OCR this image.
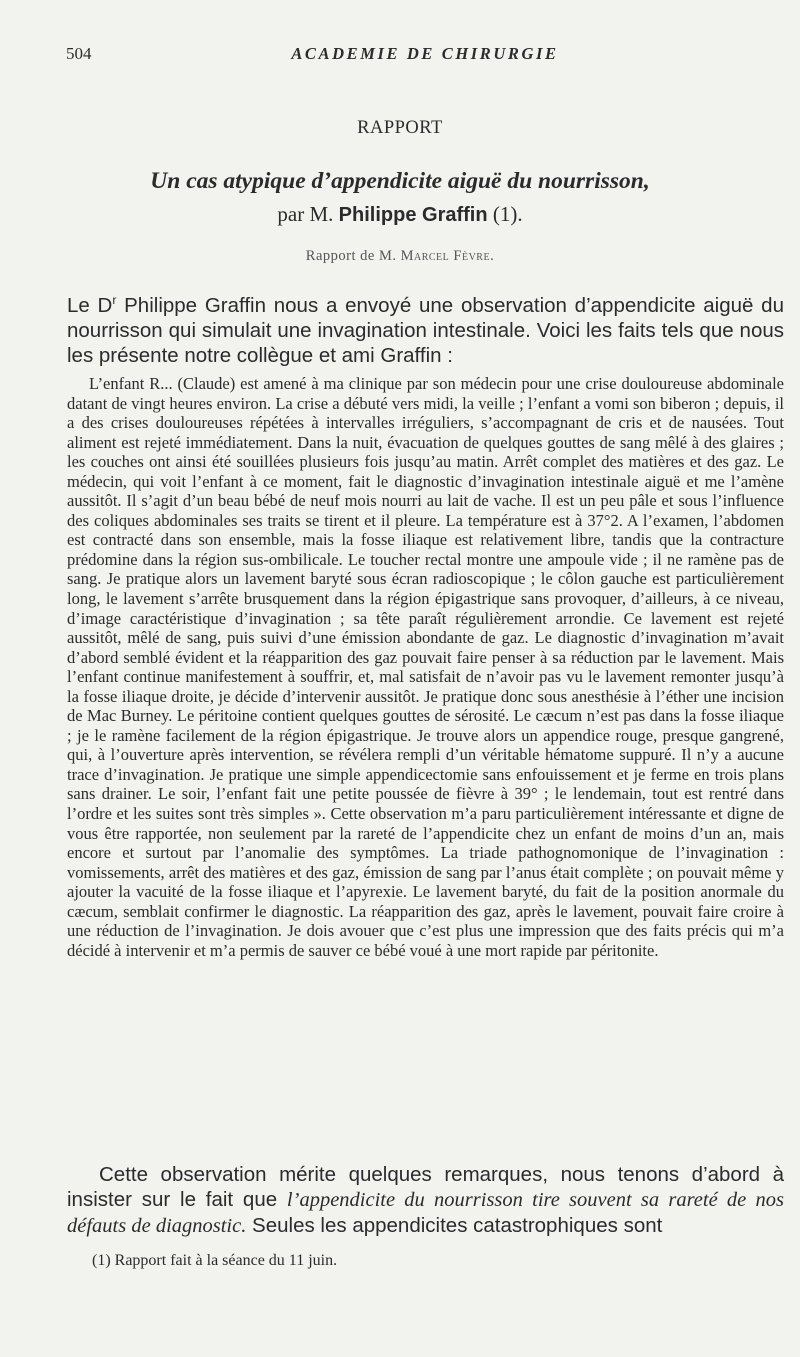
504	ACADEMIE DE CHIRURGIE
RAPPORT
Un cas atypique d’appendicite aiguë du nourrisson,
par M. Philippe Graffin (1).
Rapport de M. Marcel Fèvre.

Le $D^r$ Philippe Graffin nous a envoyé une observation d’appendicite aiguë du nourrisson qui simulait une invagination intestinale. Voici les faits tels que nous les présente notre collègue et ami Graffin :

L’enfant R... (Claude) est amené à ma clinique par son médecin pour une crise douloureuse abdominale datant de vingt heures environ. La crise a débuté vers midi, la veille ; l’enfant a vomi son biberon ; depuis, il a des crises douloureuses répétées à intervalles irréguliers, s’accompagnant de cris et de nausées. Tout aliment est rejeté immédiatement. Dans la nuit, évacuation de quelques gouttes de sang mêlé à des glaires ; les couches ont ainsi été souillées plusieurs fois jusqu’au matin. Arrêt complet des matières et des gaz. Le médecin, qui voit l’enfant à ce moment, fait le diagnostic d’invagination intestinale aiguë et me l’amène aussitôt. Il s’agit d’un beau bébé de neuf mois nourri au lait de vache. Il est un peu pâle et sous l’influence des coliques abdominales ses traits se tirent et il pleure. La température est à 37°2. A l’examen, l’abdomen est contracté dans son ensemble, mais la fosse iliaque est relativement libre, tandis que la contracture prédomine dans la région sus-ombilicale. Le toucher rectal montre une ampoule vide ; il ne ramène pas de sang. Je pratique alors un lavement baryté sous écran radioscopique ; le côlon gauche est particulièrement long, le lavement s’arrête brusquement dans la région épigastrique sans provoquer, d’ailleurs, à ce niveau, d’image caractéristique d’invagination ; sa tête paraît régulièrement arrondie. Ce lavement est rejeté aussitôt, mêlé de sang, puis suivi d’une émission abondante de gaz. Le diagnostic d’invagination m’avait d’abord semblé évident et la réapparition des gaz pouvait faire penser à sa réduction par le lavement. Mais l’enfant continue manifestement à souffrir, et, mal satisfait de n’avoir pas vu le lavement remonter jusqu’à la fosse iliaque droite, je décide d’intervenir aussitôt. Je pratique donc sous anesthésie à l’éther une incision de Mac Burney. Le péritoine contient quelques gouttes de sérosité. Le cæcum n’est pas dans la fosse iliaque ; je le ramène facilement de la région épigastrique. Je trouve alors un appendice rouge, presque gangrené, qui, à l’ouverture après intervention, se révélera rempli d’un véritable hématome suppuré. Il n’y a aucune trace d’invagination. Je pratique une simple appendicectomie sans enfouissement et je ferme en trois plans sans drainer. Le soir, l’enfant fait une petite poussée de fièvre à 39° ; le lendemain, tout est rentré dans l’ordre et les suites sont très simples ». Cette observation m’a paru particulièrement intéressante et digne de vous être rapportée, non seulement par la rareté de l’appendicite chez un enfant de moins d’un an, mais encore et surtout par l’anomalie des symptômes. La triade pathognomonique de l’invagination : vomissements, arrêt des matières et des gaz, émission de sang par l’anus était complète ; on pouvait même y ajouter la vacuité de la fosse iliaque et l’apyrexie. Le lavement baryté, du fait de la position anormale du cæcum, semblait confirmer le diagnostic. La réapparition des gaz, après le lavement, pouvait faire croire à une réduction de l’invagination. Je dois avouer que c’est plus une impression que des faits précis qui m’a décidé à intervenir et m’a permis de sauver ce bébé voué à une mort rapide par péritonite.

Cette observation mérite quelques remarques, nous tenons d’abord à insister sur le fait que l’appendicite du nourrisson tire souvent sa rareté de nos défauts de diagnostic. Seules les appendicites catastrophiques sont

(1) Rapport fait à la séance du 11 juin.
